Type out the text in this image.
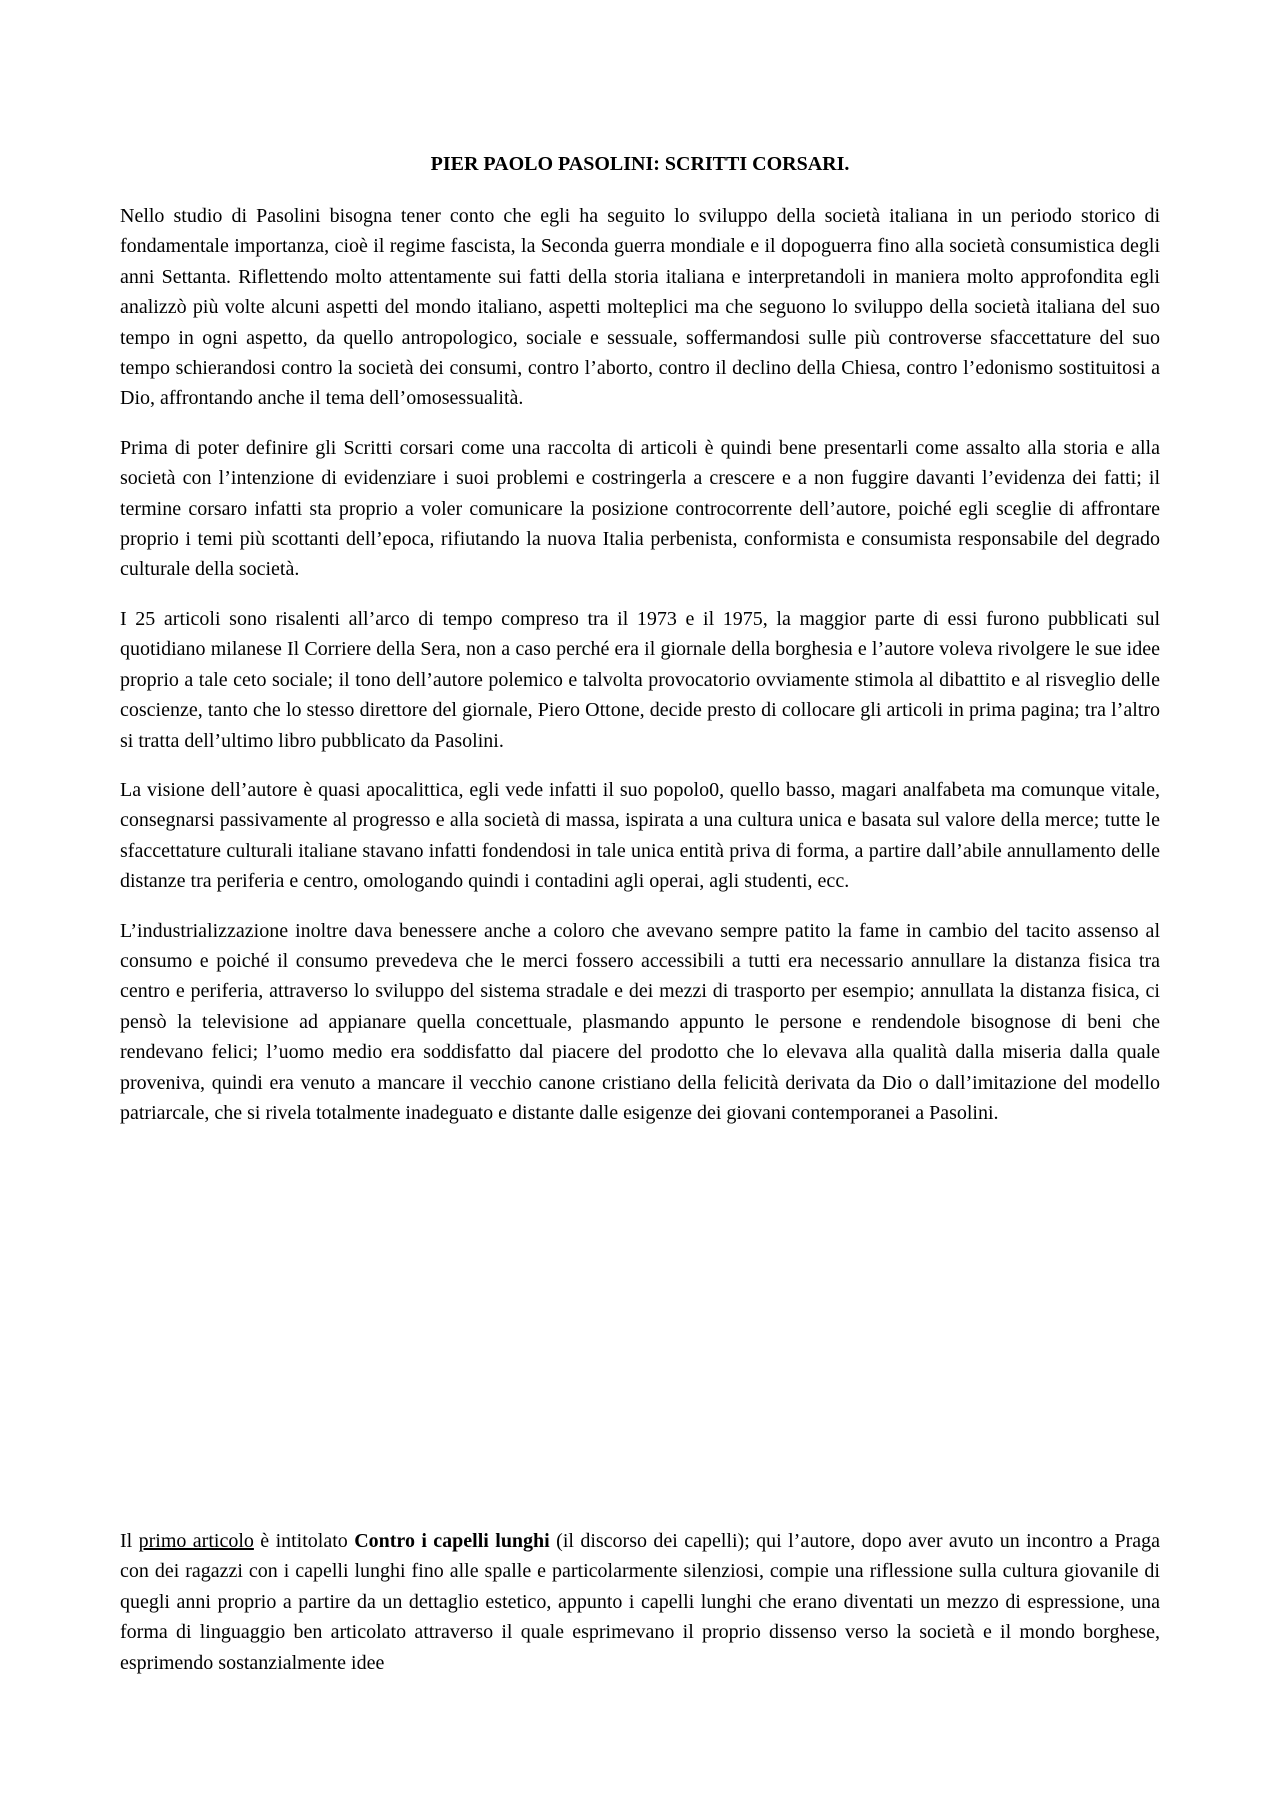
PIER PAOLO PASOLINI: SCRITTI CORSARI.

Nello studio di Pasolini bisogna tener conto che egli ha seguito lo sviluppo della società italiana in un periodo storico di fondamentale importanza, cioè il regime fascista, la Seconda guerra mondiale e il dopoguerra fino alla società consumistica degli anni Settanta. Riflettendo molto attentamente sui fatti della storia italiana e interpretandoli in maniera molto approfondita egli analizzò più volte alcuni aspetti del mondo italiano, aspetti molteplici ma che seguono lo sviluppo della società italiana del suo tempo in ogni aspetto, da quello antropologico, sociale e sessuale, soffermandosi sulle più controverse sfaccettature del suo tempo schierandosi contro la società dei consumi, contro l’aborto, contro il declino della Chiesa, contro l’edonismo sostituitosi a Dio, affrontando anche il tema dell’omosessualità.

Prima di poter definire gli Scritti corsari come una raccolta di articoli è quindi bene presentarli come assalto alla storia e alla società con l’intenzione di evidenziare i suoi problemi e costringerla a crescere e a non fuggire davanti l’evidenza dei fatti; il termine corsaro infatti sta proprio a voler comunicare la posizione controcorrente dell’autore, poiché egli sceglie di affrontare proprio i temi più scottanti dell’epoca, rifiutando la nuova Italia perbenista, conformista e consumista responsabile del degrado culturale della società.

I 25 articoli sono risalenti all’arco di tempo compreso tra il 1973 e il 1975, la maggior parte di essi furono pubblicati sul quotidiano milanese Il Corriere della Sera, non a caso perché era il giornale della borghesia e l’autore voleva rivolgere le sue idee proprio a tale ceto sociale; il tono dell’autore polemico e talvolta provocatorio ovviamente stimola al dibattito e al risveglio delle coscienze, tanto che lo stesso direttore del giornale, Piero Ottone, decide presto di collocare gli articoli in prima pagina; tra l’altro si tratta dell’ultimo libro pubblicato da Pasolini.

La visione dell’autore è quasi apocalittica, egli vede infatti il suo popolo0, quello basso, magari analfabeta ma comunque vitale, consegnarsi passivamente al progresso e alla società di massa, ispirata a una cultura unica e basata sul valore della merce; tutte le sfaccettature culturali italiane stavano infatti fondendosi in tale unica entità priva di forma, a partire dall’abile annullamento delle distanze tra periferia e centro, omologando quindi i contadini agli operai, agli studenti, ecc.

L’industrializzazione inoltre dava benessere anche a coloro che avevano sempre patito la fame in cambio del tacito assenso al consumo e poiché il consumo prevedeva che le merci fossero accessibili a tutti era necessario annullare la distanza fisica tra centro e periferia, attraverso lo sviluppo del sistema stradale e dei mezzi di trasporto per esempio; annullata la distanza fisica, ci pensò la televisione ad appianare quella concettuale, plasmando appunto le persone e rendendole bisognose di beni che rendevano felici; l’uomo medio era soddisfatto dal piacere del prodotto che lo elevava alla qualità dalla miseria dalla quale proveniva, quindi era venuto a mancare il vecchio canone cristiano della felicità derivata da Dio o dall’imitazione del modello patriarcale, che si rivela totalmente inadeguato e distante dalle esigenze dei giovani contemporanei a Pasolini.

Il primo articolo è intitolato Contro i capelli lunghi (il discorso dei capelli); qui l’autore, dopo aver avuto un incontro a Praga con dei ragazzi con i capelli lunghi fino alle spalle e particolarmente silenziosi, compie una riflessione sulla cultura giovanile di quegli anni proprio a partire da un dettaglio estetico, appunto i capelli lunghi che erano diventati un mezzo di espressione, una forma di linguaggio ben articolato attraverso il quale esprimevano il proprio dissenso verso la società e il mondo borghese, esprimendo sostanzialmente idee
